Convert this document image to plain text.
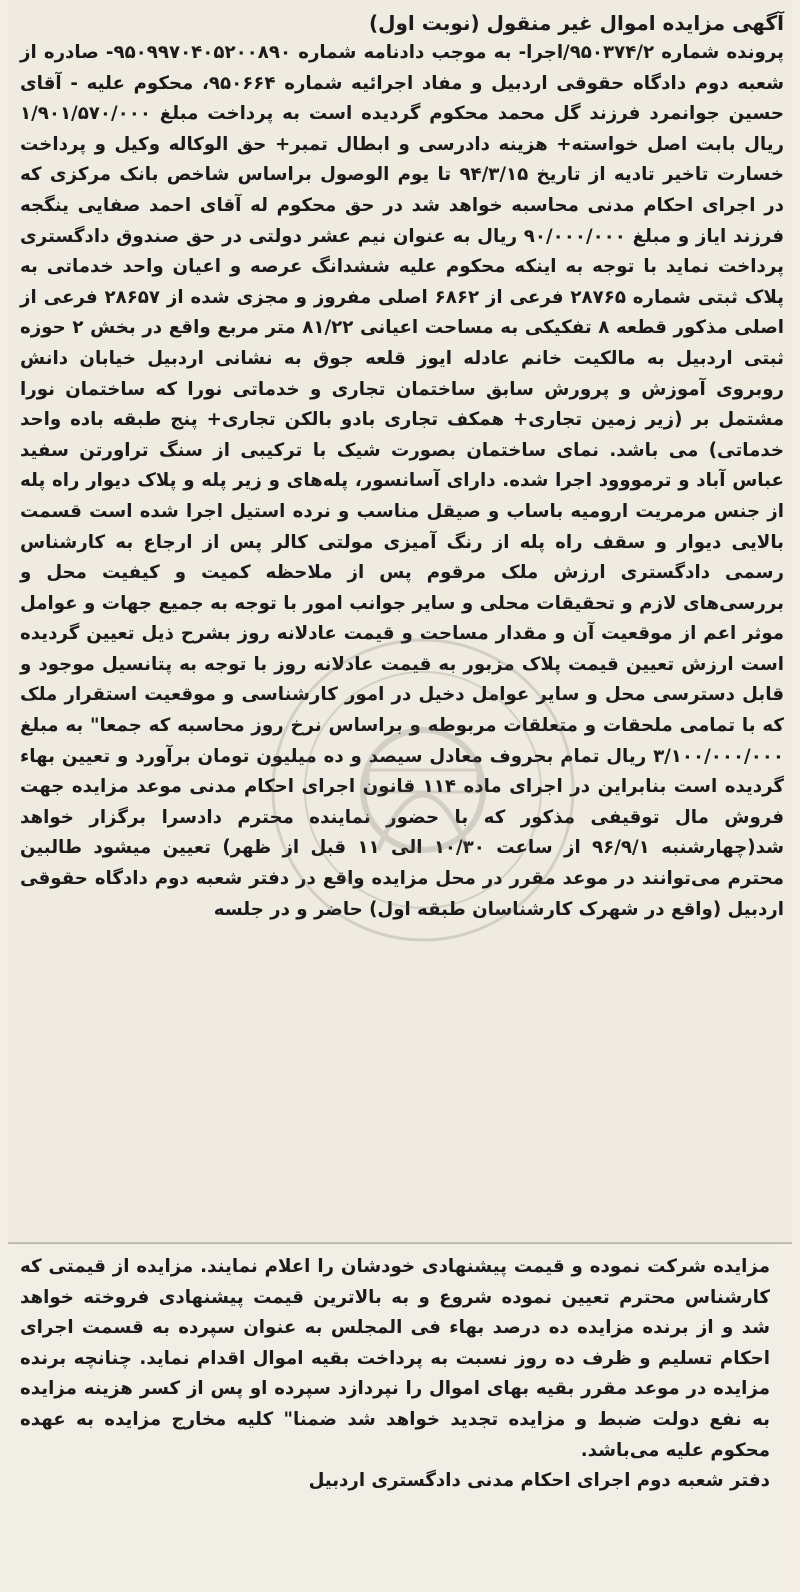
آگهی مزایده اموال غیر منقول (نوبت اول)
پرونده شماره ۹۵۰۳۷۴/۲/اجرا- به موجب دادنامه شماره ۹۵۰۹۹۷۰۴۰۵۲۰۰۸۹۰- صادره از شعبه دوم دادگاه حقوقی اردبیل و مفاد اجرائیه شماره ۹۵۰۶۶۴، محکوم علیه - آقای حسین جوانمرد فرزند گل محمد محکوم گردیده است به پرداخت مبلغ ۱/۹۰۱/۵۷۰/۰۰۰ ریال بابت اصل خواسته+ هزینه دادرسی و ابطال تمبر+ حق الوکاله وکیل و پرداخت خسارت تاخیر تادیه از تاریخ ۹۴/۳/۱۵ تا یوم الوصول براساس شاخص بانک مرکزی که در اجرای احکام مدنی محاسبه خواهد شد در حق محکوم له آقای احمد صفایی ینگجه فرزند ایاز و مبلغ ۹۰/۰۰۰/۰۰۰ ریال به عنوان نیم عشر دولتی در حق صندوق دادگستری پرداخت نماید با توجه به اینکه محکوم علیه ششدانگ عرصه و اعیان واحد خدماتی به پلاک ثبتی شماره ۲۸۷۶۵ فرعی از ۶۸۶۲ اصلی مفروز و مجزی شده از ۲۸۶۵۷ فرعی از اصلی مذکور قطعه ۸ تفکیکی به مساحت اعیانی ۸۱/۲۲ متر مربع واقع در بخش ۲ حوزه ثبتی اردبیل به مالکیت خانم عادله ایوز قلعه جوق به نشانی اردبیل خیابان دانش روبروی آموزش و پرورش سابق ساختمان تجاری و خدماتی نورا که ساختمان نورا مشتمل بر (زیر زمین تجاری+ همکف تجاری بادو بالکن تجاری+ پنج طبقه باده واحد خدماتی) می باشد. نمای ساختمان بصورت شیک با ترکیبی از سنگ تراورتن سفید عباس آباد و ترمووود اجرا شده. دارای آسانسور، پله‌های و زیر پله و پلاک دیوار راه پله از جنس مرمریت ارومیه باساب و صیقل مناسب و نرده استیل اجرا شده است قسمت بالایی دیوار و سقف راه پله از رنگ آمیزی مولتی کالر پس از ارجاع به کارشناس رسمی دادگستری ارزش ملک مرقوم پس از ملاحظه کمیت و کیفیت محل و بررسی‌های لازم و تحقیقات محلی و سایر جوانب امور با توجه به جمیع جهات و عوامل موثر اعم از موقعیت آن و مقدار مساحت و قیمت عادلانه روز بشرح ذیل تعیین گردیده است ارزش تعیین قیمت پلاک مزبور به قیمت عادلانه روز با توجه به پتانسیل موجود و قابل دسترسی محل و سایر عوامل دخیل در امور کارشناسی و موقعیت استقرار ملک که با تمامی ملحقات و متعلقات مربوطه و براساس نرخ روز محاسبه که جمعا" به مبلغ ۳/۱۰۰/۰۰۰/۰۰۰ ریال تمام بحروف معادل سیصد و ده میلیون تومان برآورد و تعیین بهاء گردیده است بنابراین در اجرای ماده ۱۱۴ قانون اجرای احکام مدنی موعد مزایده جهت فروش مال توقیفی مذکور که با حضور نماینده محترم دادسرا برگزار خواهد شد(چهارشنبه ۹۶/۹/۱ از ساعت ۱۰/۳۰ الی ۱۱ قبل از ظهر) تعیین میشود طالبین محترم می‌توانند در موعد مقرر در محل مزایده واقع در دفتر شعبه دوم دادگاه حقوقی اردبیل (واقع در شهرک کارشناسان طبقه اول) حاضر و در جلسه
مزایده شرکت نموده و قیمت پیشنهادی خودشان را اعلام نمایند. مزایده از قیمتی که کارشناس محترم تعیین نموده شروع و به بالاترین قیمت پیشنهادی فروخته خواهد شد و از برنده مزایده ده درصد بهاء فی المجلس به عنوان سپرده به قسمت اجرای احکام تسلیم و ظرف ده روز نسبت به پرداخت بقیه اموال اقدام نماید. چنانچه برنده مزایده در موعد مقرر بقیه بهای اموال را نپردازد سپرده او پس از کسر هزینه مزایده به نفع دولت ضبط و مزایده تجدید خواهد شد ضمنا" کلیه مخارج مزایده به عهده محکوم علیه می‌باشد.
دفتر شعبه دوم اجرای احکام مدنی دادگستری اردبیل
